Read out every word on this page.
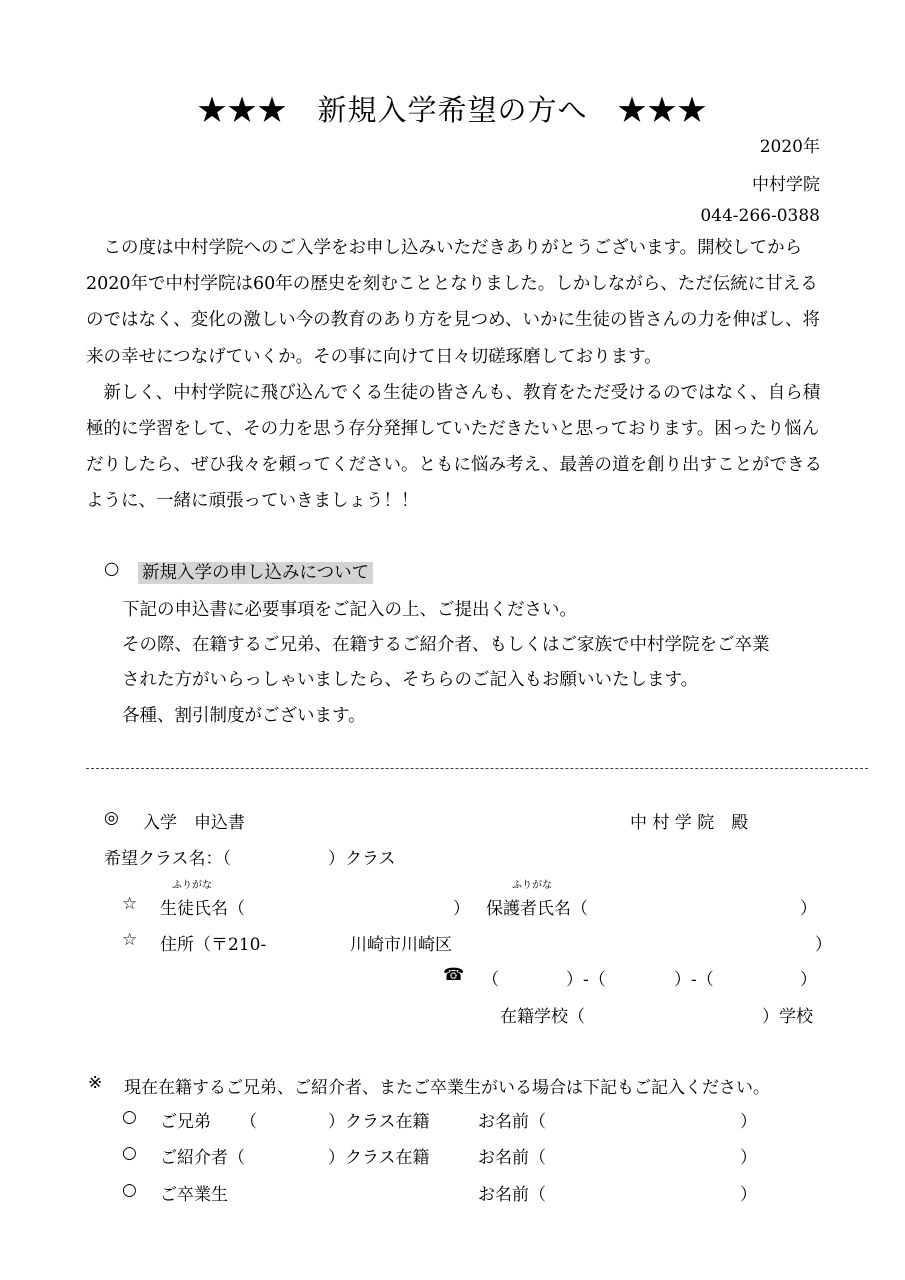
★★★　新規入学希望の方へ　★★★
2020年
中村学院
044-266-0388

この度は中村学院へのご入学をお申し込みいただきありがとうございます。開校してから2020年で中村学院は60年の歴史を刻むこととなりました。しかしながら、ただ伝統に甘えるのではなく、変化の激しい今の教育のあり方を見つめ、いかに生徒の皆さんの力を伸ばし、将来の幸せにつなげていくか。その事に向けて日々切磋琢磨しております。

新しく、中村学院に飛び込んでくる生徒の皆さんも、教育をただ受けるのではなく、自ら積極的に学習をして、その力を思う存分発揮していただきたいと思っております。困ったり悩んだりしたら、ぜひ我々を頼ってください。ともに悩み考え、最善の道を創り出すことができるように、一緒に頑張っていきましょう！！

○ 新規入学の申し込みについて
下記の申込書に必要事項をご記入の上、ご提出ください。
その際、在籍するご兄弟、在籍するご紹介者、もしくはご家族で中村学院をご卒業
された方がいらっしゃいましたら、そちらのご記入もお願いいたします。
各種、割引制度がございます。
◎ 入学　申込書	中 村 学 院　殿
希望クラス名：（	）クラス
ふりがな	ふりがな
☆ 生徒氏名（	） 保護者氏名（	）
☆ 住所（〒210-	川崎市川崎区	）
☎ （	）-（	）-（	）
在籍学校（	）学校
※ 現在在籍するご兄弟、ご紹介者、またご卒業生がいる場合は下記もご記入ください。
○ ご兄弟 （	）クラス在籍	お名前（	）
○ ご紹介者（	）クラス在籍	お名前（	）
○ ご卒業生	お名前（	）
